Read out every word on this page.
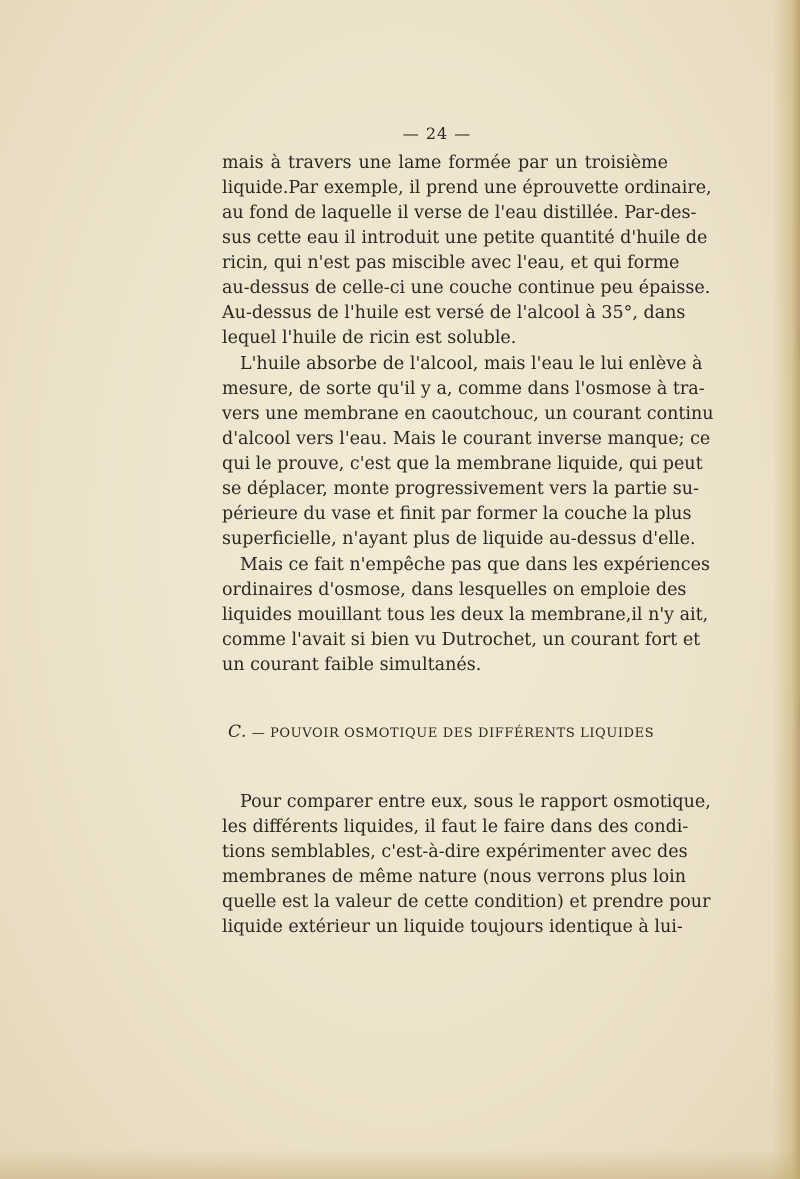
— 24 —
mais à travers une lame formée par un troisième
liquide.Par exemple, il prend une éprouvette ordinaire,
au fond de laquelle il verse de l'eau distillée. Par-des-
sus cette eau il introduit une petite quantité d'huile de
ricin, qui n'est pas miscible avec l'eau, et qui forme
au-dessus de celle-ci une couche continue peu épaisse.
Au-dessus de l'huile est versé de l'alcool à 35°, dans
lequel l'huile de ricin est soluble.
L'huile absorbe de l'alcool, mais l'eau le lui enlève à
mesure, de sorte qu'il y a, comme dans l'osmose à tra-
vers une membrane en caoutchouc, un courant continu
d'alcool vers l'eau. Mais le courant inverse manque; ce
qui le prouve, c'est que la membrane liquide, qui peut
se déplacer, monte progressivement vers la partie su-
périeure du vase et finit par former la couche la plus
superficielle, n'ayant plus de liquide au-dessus d'elle.
Mais ce fait n'empêche pas que dans les expériences
ordinaires d'osmose, dans lesquelles on emploie des
liquides mouillant tous les deux la membrane,il n'y ait,
comme l'avait si bien vu Dutrochet, un courant fort et
un courant faible simultanés.
C. — POUVOIR OSMOTIQUE DES DIFFÉRENTS LIQUIDES
Pour comparer entre eux, sous le rapport osmotique,
les différents liquides, il faut le faire dans des condi-
tions semblables, c'est-à-dire expérimenter avec des
membranes de même nature (nous verrons plus loin
quelle est la valeur de cette condition) et prendre pour
liquide extérieur un liquide toujours identique à lui-
